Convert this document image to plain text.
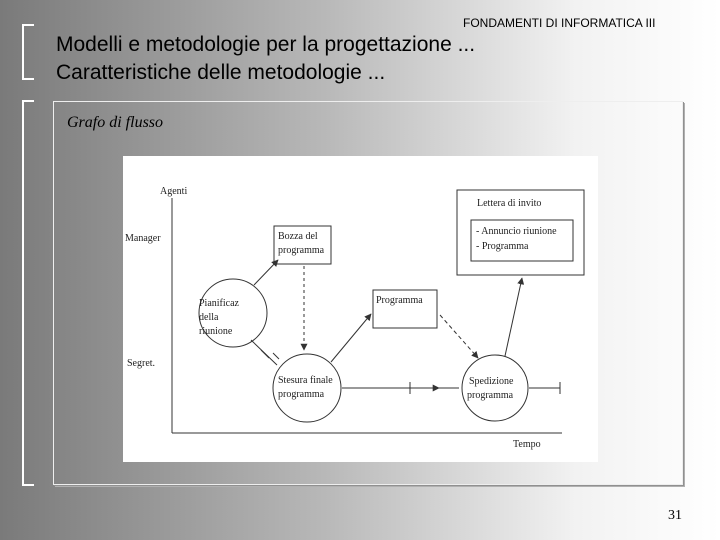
FONDAMENTI DI INFORMATICA III
Modelli e metodologie per la progettazione ...
Caratteristiche delle metodologie ...
Grafo di flusso
Agenti
Tempo
Manager
Segret.
Pianificaz
della
riunione
Bozza del
programma
Stesura finale
programma
Programma
Spedizione
programma
Lettera di invito
- Annuncio riunione
- Programma
31
